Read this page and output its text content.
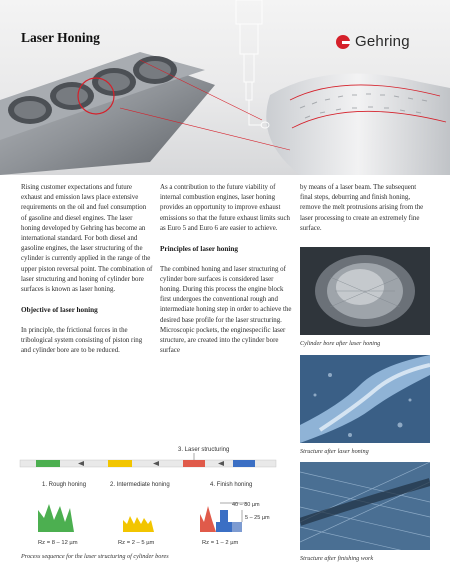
Laser Honing	Gehring

Rising customer expectations and future exhaust and emission laws place extensive requirements on the oil and fuel consumption of gasoline and diesel engines. The laser honing developed by Gehring has become an international standard. For both diesel and gasoline engines, the laser structuring of the cylinder is currently applied in the range of the upper piston reversal point. The combination of laser structuring and honing of cylinder bore surfaces is known as laser honing.

Objective of laser honing

In principle, the frictional forces in the tribological system consisting of piston ring and cylinder bore are to be reduced.

As a contribution to the future viability of internal combustion engines, laser honing provides an opportunity to improve exhaust emissions so that the future exhaust limits such as Euro 5 and Euro 6 are easier to achieve.

Principles of laser honing

The combined honing and laser structuring of cylinder bore surfaces is considered laser honing. During this process the engine block first undergoes the conventional rough and intermediate honing step in order to achieve the desired base profile for the laser structuring. Microscopic pockets, the enginespecific laser structure, are created into the cylinder bore surface

by means of a laser beam. The subsequent final steps, deburring and finish honing, remove the melt protrusions arising from the laser processing to create an extremely fine surface.

Cylinder bore after laser honing
Structure after laser honing
Structure after finishing work
1. Rough honing	2. Intermediate honing
3. Laser structuring
4. Finish honing
40 – 80 µm
5 – 25 µm
Rz = 8 – 12 µm	Rz = 2 – 5 µm	Rz = 1 – 2 µm
Process sequence for the laser structuring of cylinder bores
